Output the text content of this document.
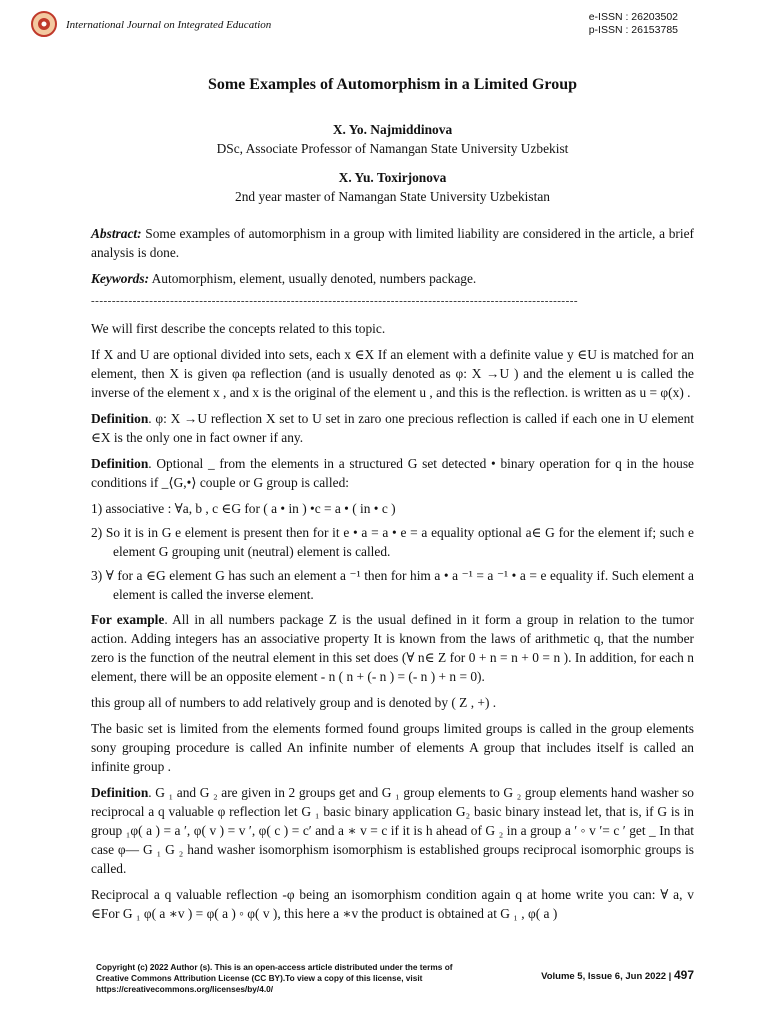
International Journal on Integrated Education
e-ISSN : 26203502
p-ISSN : 26153785
Some Examples of Automorphism in a Limited Group
X. Yo. Najmiddinova
DSc, Associate Professor of Namangan State University Uzbekist
X. Yu. Toxirjonova
2nd year master of Namangan State University Uzbekistan

Abstract: Some examples of automorphism in a group with limited liability are considered in the article, a brief analysis is done.

Keywords: Automorphism, element, usually denoted, numbers package.

---------------------------------------------------------------------------------------------------------------------

We will first describe the concepts related to this topic.

If X and U are optional divided into sets, each x ∈X If an element with a definite value y ∈U is matched for an element, then X is given φa reflection (and is usually denoted as φ: X →U ) and the element u is called the inverse of the element x , and x is the original of the element u , and this is the reflection. is written as u = φ(x) .

Definition. φ: X →U reflection X set to U set in zaro one precious reflection is called if each one in U element ∈X is the only one in fact owner if any.

Definition. Optional _ from the elements in a structured G set detected • binary operation for q in the house conditions if _⟨G,•⟩ couple or G group is called:

1) associative : ∀a, b , c ∈G for ( a • in ) •c = a • ( in • c )
2) So it is in G e element is present then for it e • a = a • e = a equality optional a∈ G for the element if; such e element G grouping unit (neutral) element is called.
3) ∀ for a ∈G element G has such an element a ⁻¹ then for him a • a ⁻¹ = a ⁻¹ • a = e equality if. Such element a element is called the inverse element.

For example. All in all numbers package Z is the usual defined in it form a group in relation to the tumor action. Adding integers has an associative property It is known from the laws of arithmetic q, that the number zero is the function of the neutral element in this set does (∀ n∈ Z for 0 + n = n + 0 = n ). In addition, for each n element, there will be an opposite element - n ( n + (- n ) = (- n ) + n = 0).

this group all of numbers to add relatively group and is denoted by ( Z , +) .

The basic set is limited from the elements formed found groups limited groups is called in the group elements sony grouping procedure is called An infinite number of elements A group that includes itself is called an infinite group .

Definition. G ₁ and G ₂ are given in 2 groups get and G ₁ group elements to G ₂ group elements hand washer so reciprocal a q valuable φ reflection let G ₁ basic binary application G₂ basic binary instead let, that is, if G is in group ₁φ( a ) = a ′, φ( v ) = v ′, φ( c ) = c′ and a ∗ v = c if it is h ahead of G ₂ in a group a ′ ◦ v ′= c ′ get _ In that case φ— G ₁ G ₂ hand washer isomorphism isomorphism is established groups reciprocal isomorphic groups is called.

Reciprocal a q valuable reflection -φ being an isomorphism condition again q at home write you can: ∀ a, v ∈For G ₁ φ( a ∗v ) = φ( a ) ◦ φ( v ), this here a ∗v the product is obtained at G ₁ , φ( a )

Copyright (c) 2022 Author (s). This is an open-access article distributed under the terms of Creative Commons Attribution License (CC BY).To view a copy of this license, visit https://creativecommons.org/licenses/by/4.0/
Volume 5, Issue 6, Jun 2022 | 497
